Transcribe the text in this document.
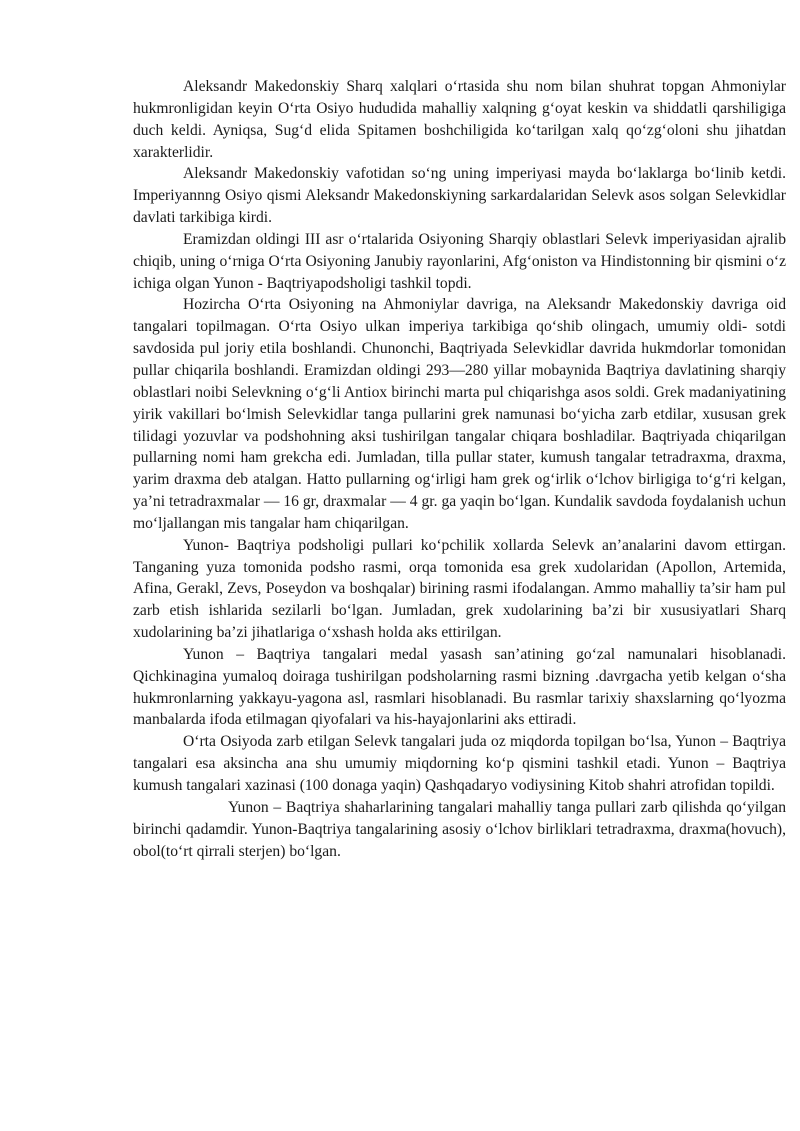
Aleksandr Makedonskiy Sharq xalqlari o‘rtasida shu nom bilan shuhrat topgan Ahmoniylar hukmronligidan keyin O‘rta Osiyo hududida mahalliy xalqning g‘oyat keskin va shiddatli qarshiligiga duch keldi. Ayniqsa, Sug‘d elida Spitamen boshchiligida ko‘tarilgan xalq qo‘zg‘oloni shu jihatdan xarakterlidir.

Aleksandr Makedonskiy vafotidan so‘ng uning imperiyasi mayda bo‘laklarga bo‘linib ketdi. Imperiyannng Osiyo qismi Aleksandr Makedonskiyning sarkardalaridan Selevk asos solgan Selevkidlar davlati tarkibiga kirdi.

Eramizdan oldingi III asr o‘rtalarida Osiyoning Sharqiy oblastlari Selevk imperiyasidan ajralib chiqib, uning o‘rniga O‘rta Osiyoning Janubiy rayonlarini, Afg‘oniston va Hindistonning bir qismini o‘z ichiga olgan Yunon - Baqtriyapodsholigi tashkil topdi.

Hozircha O‘rta Osiyoning na Ahmoniylar davriga, na Aleksandr Makedonskiy davriga oid tangalari topilmagan. O‘rta Osiyo ulkan imperiya tarkibiga qo‘shib olingach, umumiy oldi- sotdi savdosida pul joriy etila boshlandi. Chunonchi, Baqtriyada Selevkidlar davrida hukmdorlar tomonidan pullar chiqarila boshlandi. Eramizdan oldingi 293—280 yillar mobaynida Baqtriya davlatining sharqiy oblastlari noibi Selevkning o‘g‘li Antiox birinchi marta pul chiqarishga asos soldi. Grek madaniyatining yirik vakillari bo‘lmish Selevkidlar tanga pullarini grek namunasi bo‘yicha zarb etdilar, xususan grek tilidagi yozuvlar va podshohning aksi tushirilgan tangalar chiqara boshladilar. Baqtriyada chiqarilgan pullarning nomi ham grekcha edi. Jumladan, tilla pullar stater, kumush tangalar tetradraxma, draxma, yarim draxma deb atalgan. Hatto pullarning og‘irligi ham grek og‘irlik o‘lchov birligiga to‘g‘ri kelgan, ya’ni tetradraxmalar — 16 gr, draxmalar — 4 gr. ga yaqin bo‘lgan. Kundalik savdoda foydalanish uchun mo‘ljallangan mis tangalar ham chiqarilgan.

Yunon- Baqtriya podsholigi pullari ko‘pchilik xollarda Selevk an’analarini davom ettirgan. Tanganing yuza tomonida podsho rasmi, orqa tomonida esa grek xudolaridan (Apollon, Artemida, Afina, Gerakl, Zevs, Poseydon va boshqalar) birining rasmi ifodalangan. Ammo mahalliy ta’sir ham pul zarb etish ishlarida sezilarli bo‘lgan. Jumladan, grek xudolarining ba’zi bir xususiyatlari Sharq xudolarining ba’zi jihatlariga o‘xshash holda aks ettirilgan.

Yunon – Baqtriya tangalari medal yasash san’atining go‘zal namunalari hisoblanadi. Qichkinagina yumaloq doiraga tushirilgan podsholarning rasmi bizning .davrgacha yetib kelgan o‘sha hukmronlarning yakkayu-yagona asl, rasmlari hisoblanadi. Bu rasmlar tarixiy shaxslarning qo‘lyozma manbalarda ifoda etilmagan qiyofalari va his-hayajonlarini aks ettiradi.

O‘rta Osiyoda zarb etilgan Selevk tangalari juda oz miqdorda topilgan bo‘lsa, Yunon – Baqtriya tangalari esa aksincha ana shu umumiy miqdorning ko‘p qismini tashkil etadi. Yunon – Baqtriya kumush tangalari xazinasi (100 donaga yaqin) Qashqadaryo vodiysining Kitob shahri atrofidan topildi.

Yunon – Baqtriya shaharlarining tangalari mahalliy tanga pullari zarb qilishda qo‘yilgan birinchi qadamdir. Yunon-Baqtriya tangalarining asosiy o‘lchov birliklari tetradraxma, draxma(hovuch), obol(to‘rt qirrali sterjen) bo‘lgan.
